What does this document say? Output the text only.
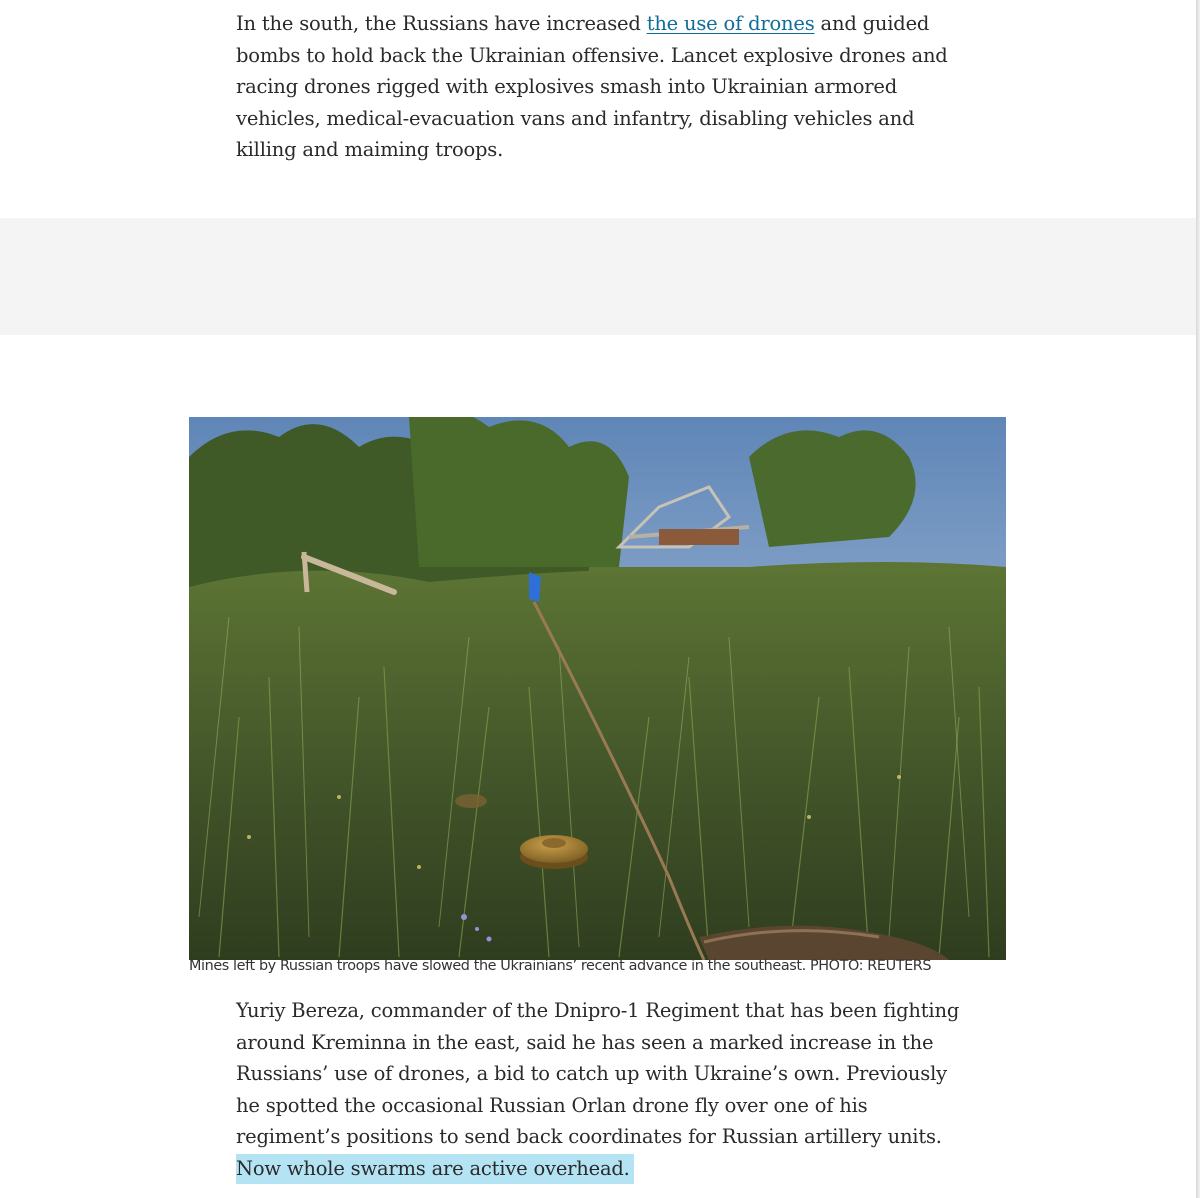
In the south, the Russians have increased the use of drones and guided bombs to hold back the Ukrainian offensive. Lancet explosive drones and racing drones rigged with explosives smash into Ukrainian armored vehicles, medical-evacuation vans and infantry, disabling vehicles and killing and maiming troops.

Mines left by Russian troops have slowed the Ukrainians’ recent advance in the southeast. PHOTO: REUTERS

Yuriy Bereza, commander of the Dnipro-1 Regiment that has been fighting around Kreminna in the east, said he has seen a marked increase in the Russians’ use of drones, a bid to catch up with Ukraine’s own. Previously he spotted the occasional Russian Orlan drone fly over one of his regiment’s positions to send back coordinates for Russian artillery units. Now whole swarms are active overhead.
